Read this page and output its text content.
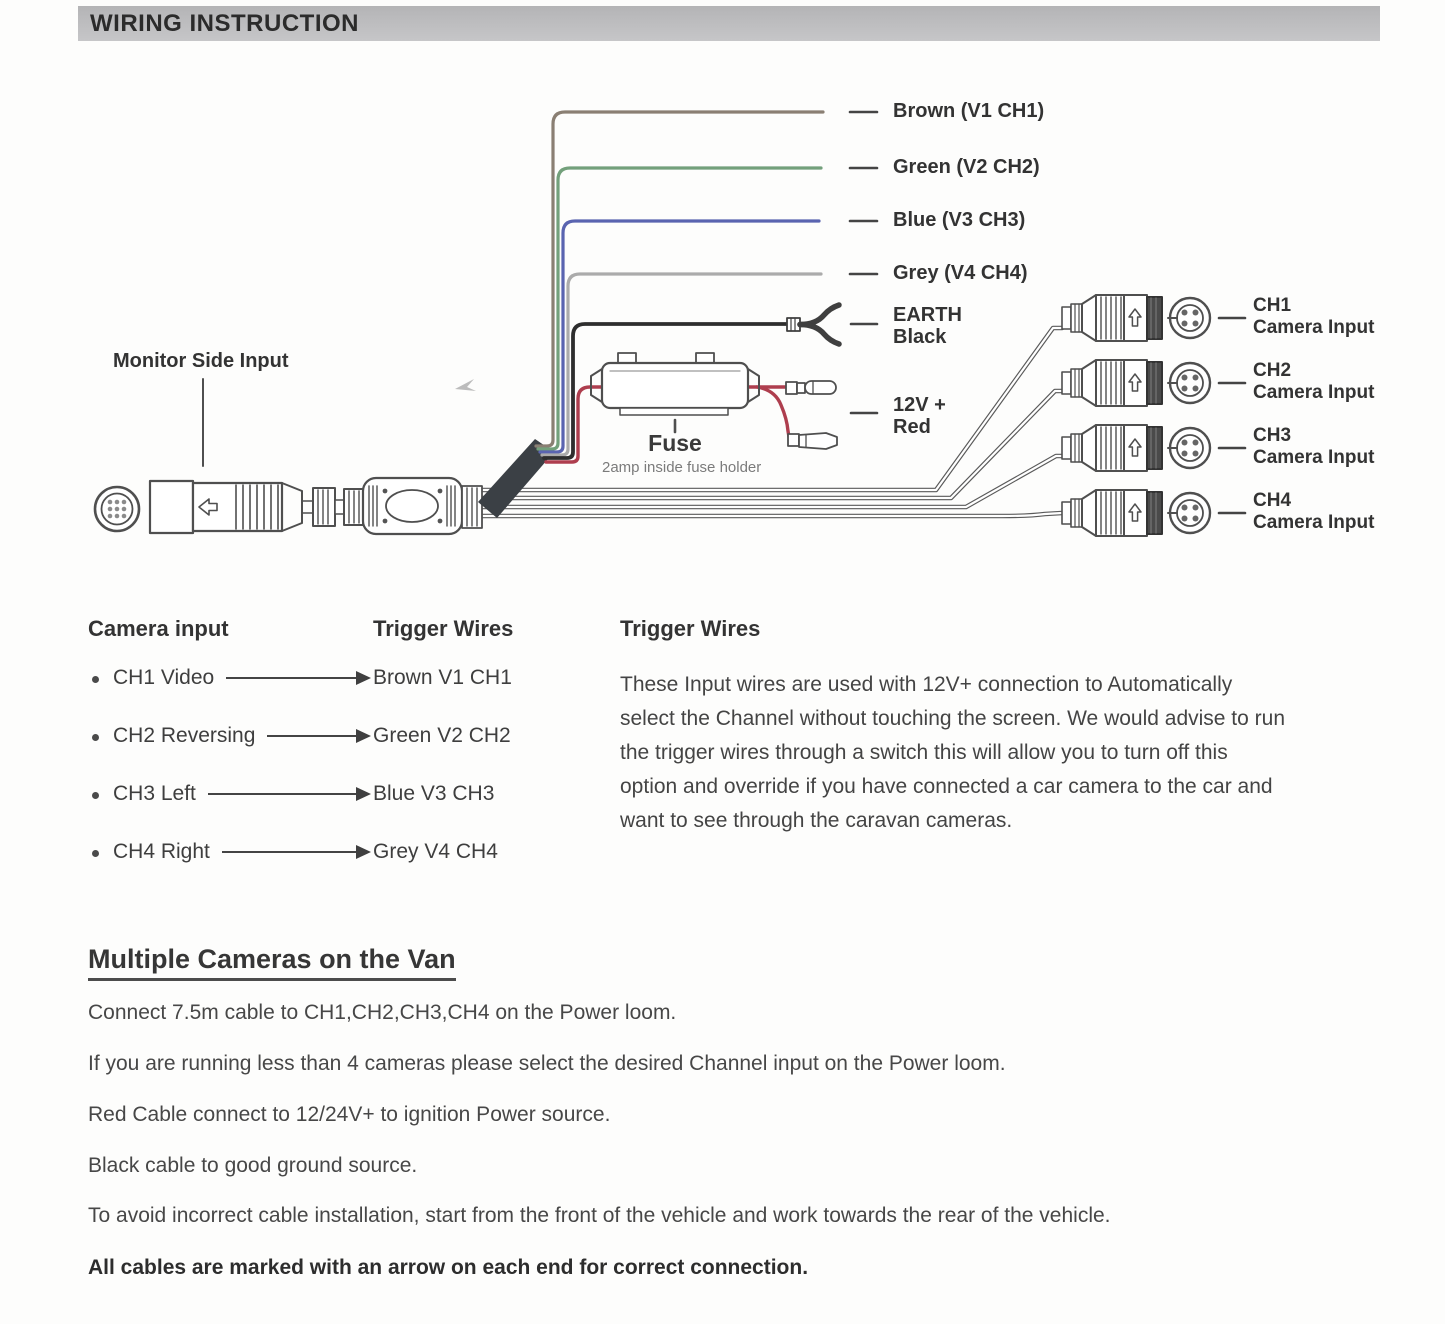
WIRING INSTRUCTION
Monitor Side Input
Brown (V1 CH1)
Green (V2 CH2)
Blue (V3 CH3)
Grey (V4 CH4)
EARTH
Black
12V +
Red
Fuse
2amp inside fuse holder
CH1
Camera Input
CH2
Camera Input
CH3
Camera Input
CH4
Camera Input
Camera input	Trigger Wires
CH1 Video	Brown V1 CH1
CH2 Reversing	Green V2 CH2
CH3 Left	Blue V3 CH3
CH4 Right	Grey V4 CH4
Trigger Wires
These Input wires are used with 12V+ connection to Automatically select the Channel without touching the screen. We would advise to run the trigger wires through a switch this will allow you to turn off this option and override if you have connected a car camera to the car and want to see through the caravan cameras.
Multiple Cameras on the Van
Connect 7.5m cable to CH1,CH2,CH3,CH4 on the Power loom.
If you are running less than 4 cameras please select the desired Channel input on the Power loom.
Red Cable connect to 12/24V+ to ignition Power source.
Black cable to good ground source.
To avoid incorrect cable installation, start from the front of the vehicle and work towards the rear of the vehicle.
All cables are marked with an arrow on each end for correct connection.
